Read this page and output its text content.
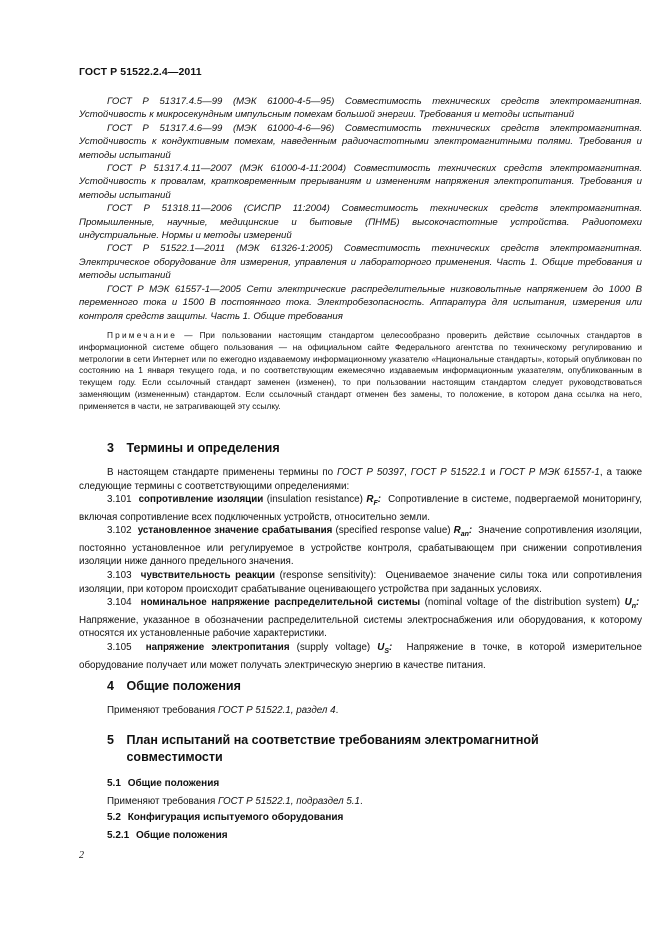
ГОСТ Р 51522.2.4—2011

ГОСТ Р 51317.4.5—99 (МЭК 61000-4-5—95) Совместимость технических средств электромагнитная. Устойчивость к микросекундным импульсным помехам большой энергии. Требования и методы испытаний

ГОСТ Р 51317.4.6—99 (МЭК 61000-4-6—96) Совместимость технических средств электромагнитная. Устойчивость к кондуктивным помехам, наведенным радиочастотными электромагнитными полями. Требования и методы испытаний

ГОСТ Р 51317.4.11—2007 (МЭК 61000-4-11:2004) Совместимость технических средств электромагнитная. Устойчивость к провалам, кратковременным прерываниям и изменениям напряжения электропитания. Требования и методы испытаний

ГОСТ Р 51318.11—2006 (СИСПР 11:2004) Совместимость технических средств электромагнитная. Промышленные, научные, медицинские и бытовые (ПНМБ) высокочастотные устройства. Радиопомехи индустриальные. Нормы и методы измерений

ГОСТ Р 51522.1—2011 (МЭК 61326-1:2005) Совместимость технических средств электромагнитная. Электрическое оборудование для измерения, управления и лабораторного применения. Часть 1. Общие требования и методы испытаний

ГОСТ Р МЭК 61557-1—2005 Сети электрические распределительные низковольтные напряжением до 1000 В переменного тока и 1500 В постоянного тока. Электробезопасность. Аппаратура для испытания, измерения или контроля средств защиты. Часть 1. Общие требования

Примечание — При пользовании настоящим стандартом целесообразно проверить действие ссылочных стандартов в информационной системе общего пользования — на официальном сайте Федерального агентства по техническому регулированию и метрологии в сети Интернет или по ежегодно издаваемому информационному указателю «Национальные стандарты», который опубликован по состоянию на 1 января текущего года, и по соответствующим ежемесячно издаваемым информационным указателям, опубликованным в текущем году. Если ссылочный стандарт заменен (изменен), то при пользовании настоящим стандартом следует руководствоваться заменяющим (измененным) стандартом. Если ссылочный стандарт отменен без замены, то положение, в котором дана ссылка на него, применяется в части, не затрагивающей эту ссылку.

3 Термины и определения

В настоящем стандарте применены термины по ГОСТ Р 50397, ГОСТ Р 51522.1 и ГОСТ Р МЭК 61557-1, а также следующие термины с соответствующими определениями:

3.101 сопротивление изоляции (insulation resistance) $R_F$: Сопротивление в системе, подвергаемой мониторингу, включая сопротивление всех подключенных устройств, относительно земли.

3.102 установленное значение срабатывания (specified response value) $R_{an}$: Значение сопротивления изоляции, постоянно установленное или регулируемое в устройстве контроля, срабатывающем при снижении сопротивления изоляции ниже данного предельного значения.

3.103 чувствительность реакции (response sensitivity): Оцениваемое значение силы тока или сопротивления изоляции, при котором происходит срабатывание оценивающего устройства при заданных условиях.

3.104 номинальное напряжение распределительной системы (nominal voltage of the distribution system) $U_n$:  Напряжение, указанное в обозначении распределительной системы электроснабжения или оборудования, к которому относятся их установленные рабочие характеристики.

3.105 напряжение электропитания (supply voltage) $U_S$: Напряжение в точке, в которой измерительное оборудование получает или может получать электрическую энергию в качестве питания.

4 Общие положения
Применяют требования ГОСТ Р 51522.1, раздел 4.
5 План испытаний на соответствие требованиям электромагнитной
совместимости
5.1 Общие положения
Применяют требования ГОСТ Р 51522.1, подраздел 5.1.
5.2 Конфигурация испытуемого оборудования
5.2.1 Общие положения
2
